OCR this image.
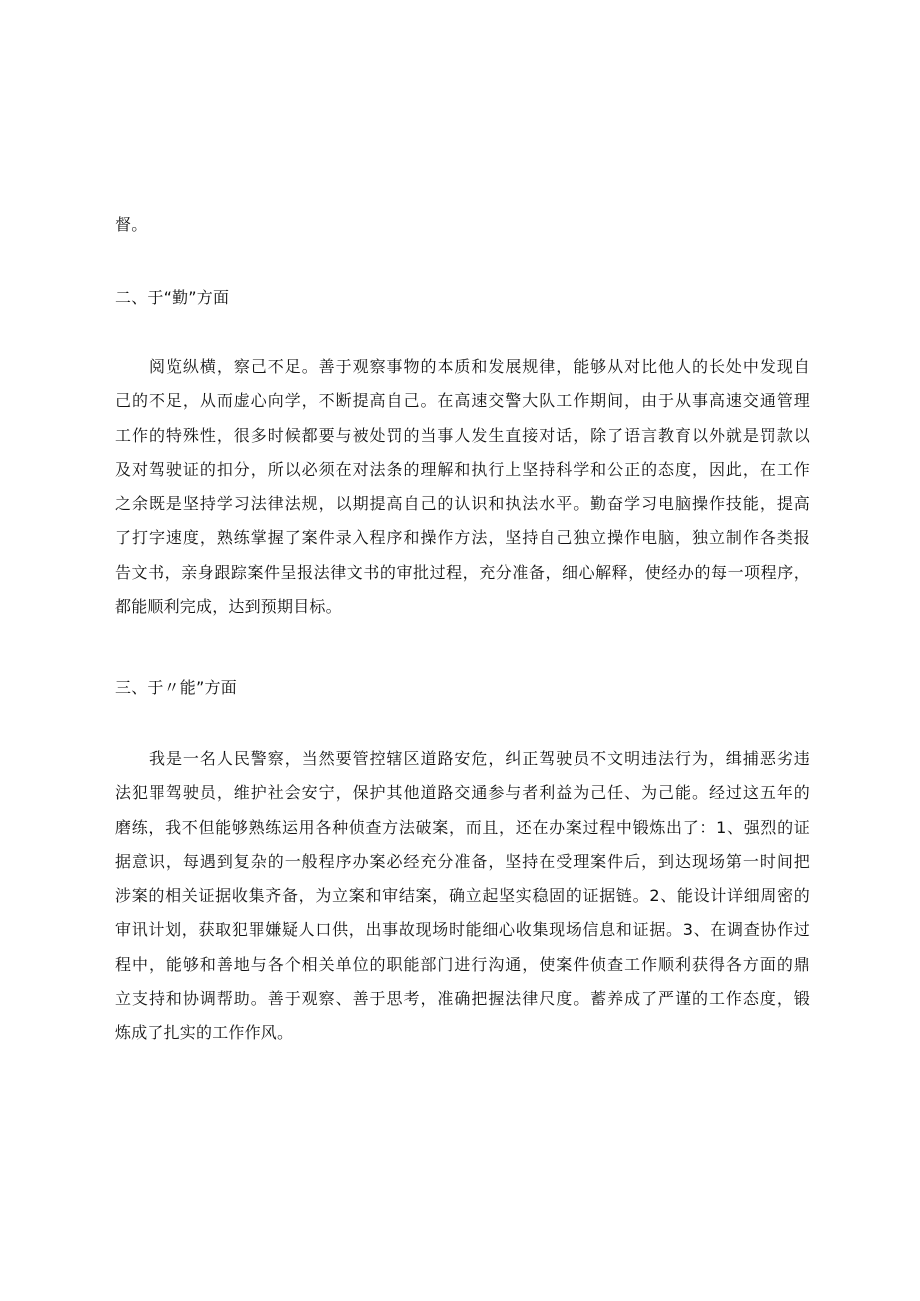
督。
二、于“勤”方面
阅览纵横，察己不足。善于观察事物的本质和发展规律，能够从对比他人的长处中发现自
己的不足，从而虚心向学，不断提高自己。在高速交警大队工作期间，由于从事高速交通管理
工作的特殊性，很多时候都要与被处罚的当事人发生直接对话，除了语言教育以外就是罚款以
及对驾驶证的扣分，所以必须在对法条的理解和执行上坚持科学和公正的态度，因此，在工作
之余既是坚持学习法律法规，以期提高自己的认识和执法水平。勤奋学习电脑操作技能，提高
了打字速度，熟练掌握了案件录入程序和操作方法，坚持自己独立操作电脑，独立制作各类报
告文书，亲身跟踪案件呈报法律文书的审批过程，充分准备，细心解释，使经办的每一项程序，
都能顺利完成，达到预期目标。
三、于〃能”方面
我是一名人民警察，当然要管控辖区道路安危，纠正驾驶员不文明违法行为，缉捕恶劣违
法犯罪驾驶员，维护社会安宁，保护其他道路交通参与者利益为己任、为己能。经过这五年的
磨练，我不但能够熟练运用各种侦查方法破案，而且，还在办案过程中锻炼出了：1、强烈的证
据意识，每遇到复杂的一般程序办案必经充分准备，坚持在受理案件后，到达现场第一时间把
涉案的相关证据收集齐备，为立案和审结案，确立起坚实稳固的证据链。2、能设计详细周密的
审讯计划，获取犯罪嫌疑人口供，出事故现场时能细心收集现场信息和证据。3、在调查协作过
程中，能够和善地与各个相关单位的职能部门进行沟通，使案件侦查工作顺利获得各方面的鼎
立支持和协调帮助。善于观察、善于思考，准确把握法律尺度。蓄养成了严谨的工作态度，锻
炼成了扎实的工作作风。
